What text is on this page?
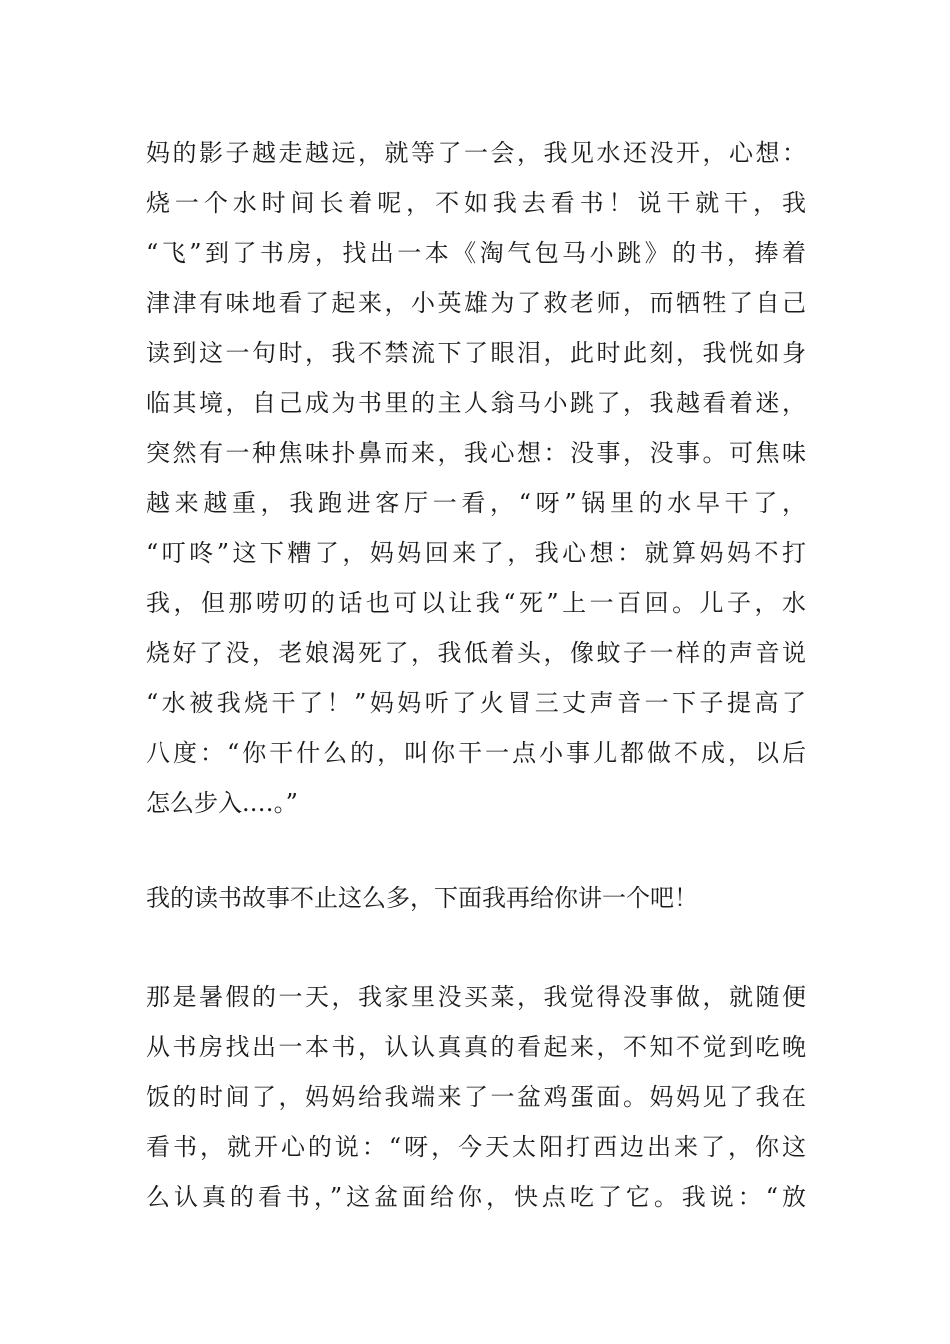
妈的影子越走越远，就等了一会，我见水还没开，心想：
烧一个水时间长着呢，不如我去看书！说干就干，我
“飞”到了书房，找出一本《淘气包马小跳》的书，捧着
津津有味地看了起来，小英雄为了救老师，而牺牲了自己
读到这一句时，我不禁流下了眼泪，此时此刻，我恍如身
临其境，自己成为书里的主人翁马小跳了，我越看着迷，
突然有一种焦味扑鼻而来，我心想：没事，没事。可焦味
越来越重，我跑进客厅一看，“呀”锅里的水早干了，
“叮咚”这下糟了，妈妈回来了，我心想：就算妈妈不打
我，但那唠叨的话也可以让我“死”上一百回。儿子，水
烧好了没，老娘渴死了，我低着头，像蚊子一样的声音说
“水被我烧干了！”妈妈听了火冒三丈声音一下子提高了
八度：“你干什么的，叫你干一点小事儿都做不成，以后
怎么步入.…。”
我的读书故事不止这么多，下面我再给你讲一个吧！
那是暑假的一天，我家里没买菜，我觉得没事做，就随便
从书房找出一本书，认认真真的看起来，不知不觉到吃晚
饭的时间了，妈妈给我端来了一盆鸡蛋面。妈妈见了我在
看书，就开心的说：“呀，今天太阳打西边出来了，你这
么认真的看书，”这盆面给你，快点吃了它。我说：“放
